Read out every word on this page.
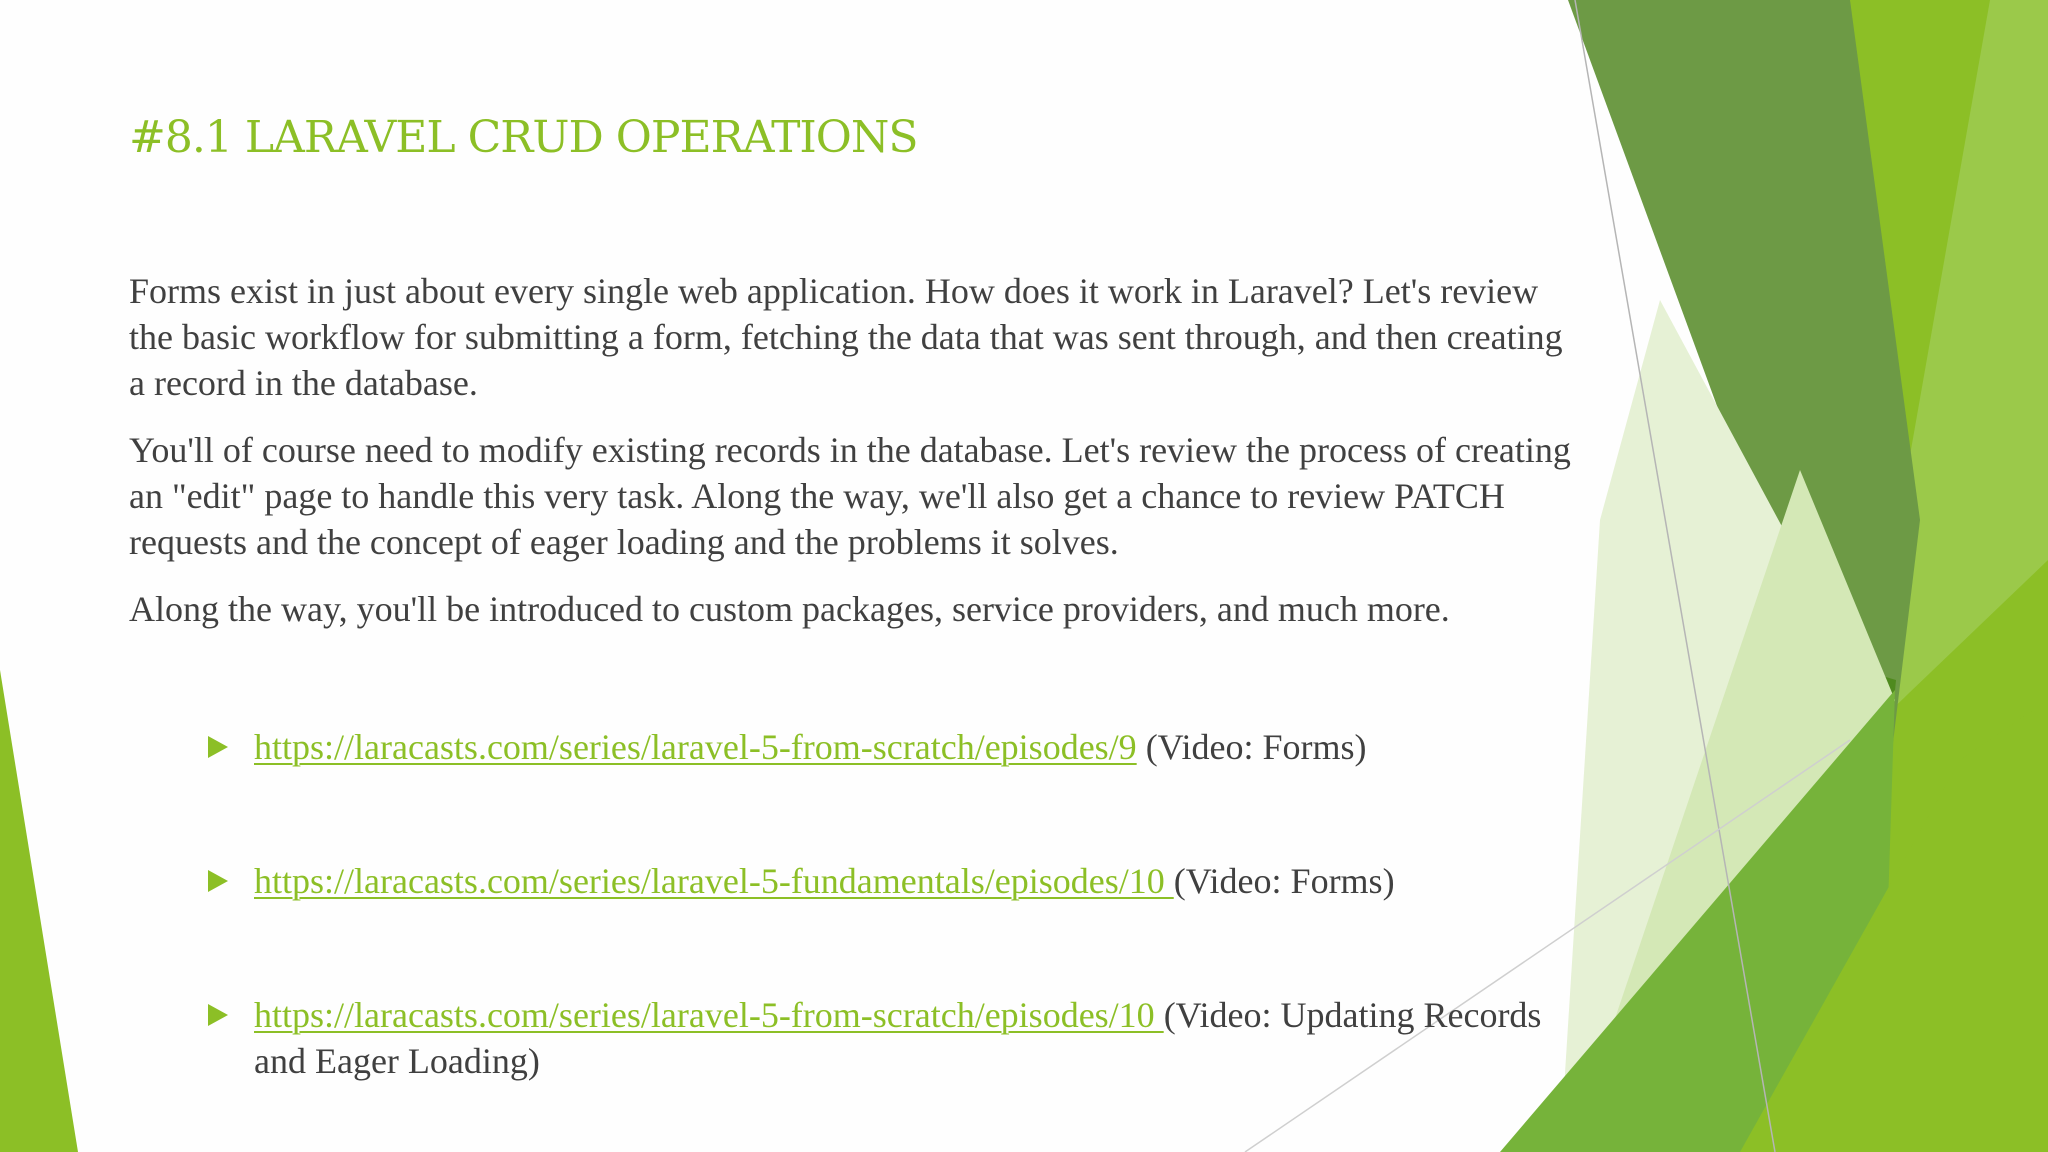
#8.1 LARAVEL CRUD OPERATIONS

Forms exist in just about every single web application. How does it work in Laravel? Let's review the basic workflow for submitting a form, fetching the data that was sent through, and then creating a record in the database.

You'll of course need to modify existing records in the database. Let's review the process of creating an "edit" page to handle this very task. Along the way, we'll also get a chance to review PATCH requests and the concept of eager loading and the problems it solves.

Along the way, you'll be introduced to custom packages, service providers, and much more.

https://laracasts.com/series/laravel-5-from-scratch/episodes/9 (Video: Forms)
https://laracasts.com/series/laravel-5-fundamentals/episodes/10 (Video: Forms)
https://laracasts.com/series/laravel-5-from-scratch/episodes/10 (Video: Updating Records and Eager Loading)
